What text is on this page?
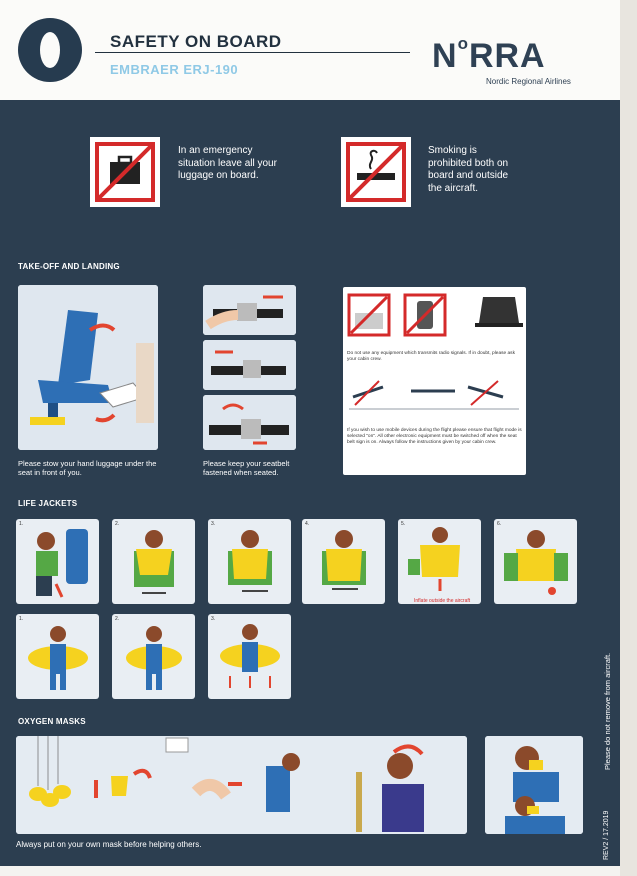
SAFETY ON BOARD
EMBRAER ERJ-190	$N^oRRA$
Nordic Regional Airlines
In an emergency situation leave all your luggage on board.
Smoking is prohibited both on board and outside the aircraft.
TAKE-OFF AND LANDING
Please stow your hand luggage under the seat in front of you.
Please keep your seatbelt fastened when seated.
Do not use any equipment which transmits radio signals. If in doubt, please ask your cabin crew.
If you wish to use mobile devices during the flight please ensure that flight mode is selected "on". All other electronic equipment must be switched off when the seat belt sign is on. Always follow the instructions given by your cabin crew.
LIFE JACKETS
1.	2.	3.	4.	5.
Inflate outside the aircraft
6.
1.	2.	3.
OXYGEN MASKS
Always put on your own mask before helping others.
Please do not remove from aircraft.
REV2 / 17.2019
